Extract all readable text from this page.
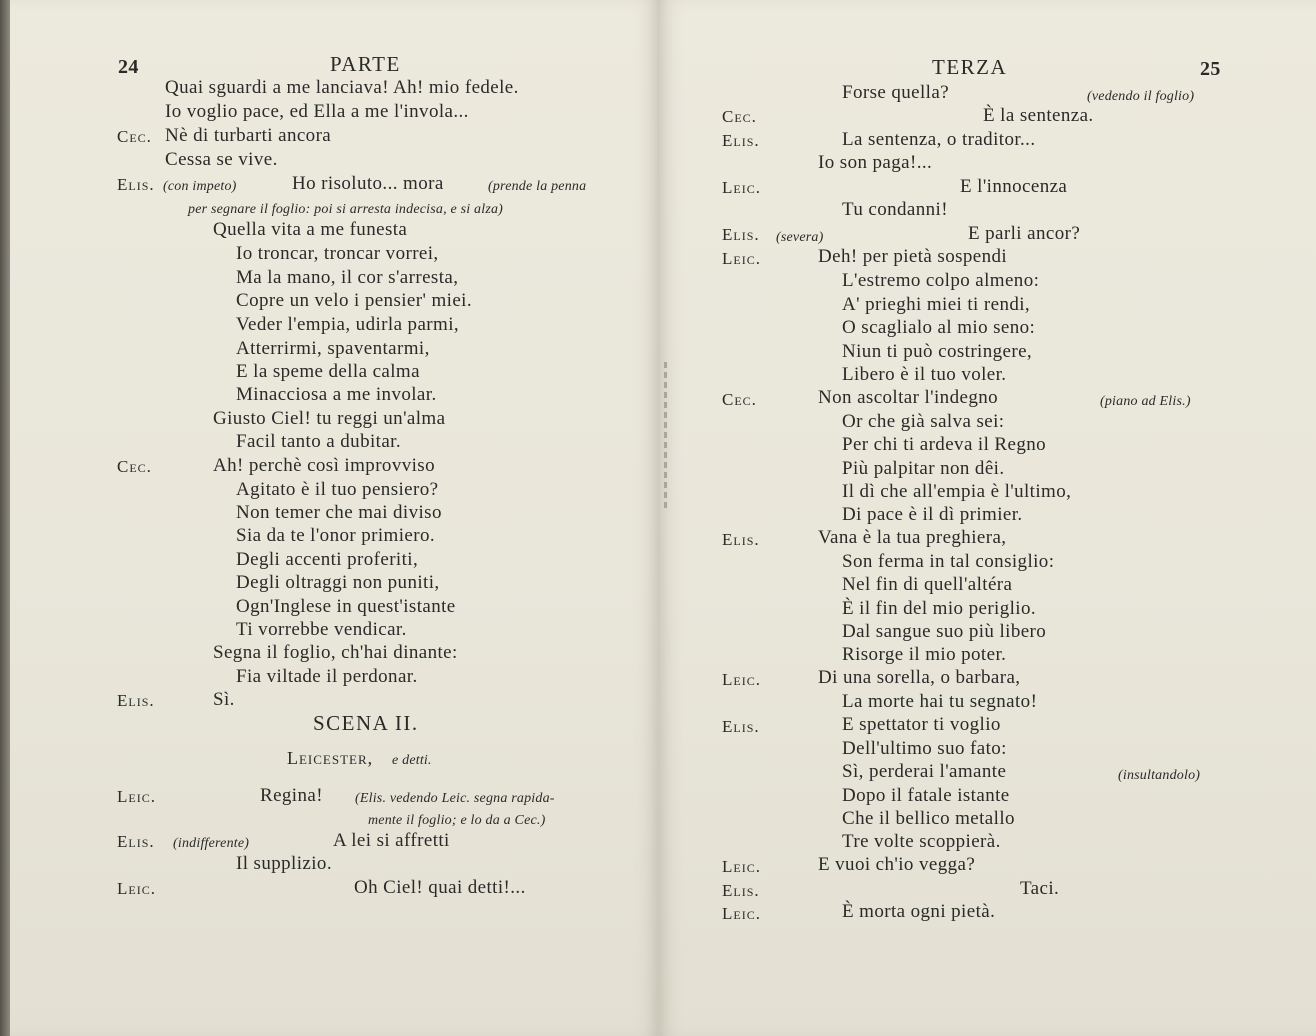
24	PARTE
Quai sguardi a me lanciava! Ah! mio fedele.
Io voglio pace, ed Ella a me l'invola...
Cec. Nè di turbarti ancora
Cessa se vive.
Elis. (con impeto)	Ho risoluto... mora	(prende la penna
per segnare il foglio: poi si arresta indecisa, e si alza)
Quella vita a me funesta
Io troncar, troncar vorrei,
Ma la mano, il cor s'arresta,
Copre un velo i pensier' miei.
Veder l'empia, udirla parmi,
Atterrirmi, spaventarmi,
E la speme della calma
Minacciosa a me involar.
Giusto Ciel! tu reggi un'alma
Facil tanto a dubitar.
Cec.	Ah! perchè così improvviso
Agitato è il tuo pensiero?
Non temer che mai diviso
Sia da te l'onor primiero.
Degli accenti proferiti,
Degli oltraggi non puniti,
Ogn'Inglese in quest'istante
Ti vorrebbe vendicar.
Segna il foglio, ch'hai dinante:
Fia viltade il perdonar.
Elis.	Sì.
SCENA II.
Leicester, e detti.
Leic.	Regina! (Elis. vedendo Leic. segna rapida-
mente il foglio; e lo da a Cec.)
Elis. (indifferente)	A lei si affretti
Il supplizio.
Leic.	Oh Ciel! quai detti!...
TERZA	25
Forse quella?	(vedendo il foglio)
Cec.	È la sentenza.
Elis.	La sentenza, o traditor...
Io son paga!...
Leic.	E l'innocenza
Tu condanni!
Elis. (severa)	E parli ancor?
Leic.	Deh! per pietà sospendi
L'estremo colpo almeno:
A' prieghi miei ti rendi,
O scaglialo al mio seno:
Niun ti può costringere,
Libero è il tuo voler.
Cec.	Non ascoltar l'indegno	(piano ad Elis.)
Or che già salva sei:
Per chi ti ardeva il Regno
Più palpitar non dêi.
Il dì che all'empia è l'ultimo,
Di pace è il dì primier.
Elis.	Vana è la tua preghiera,
Son ferma in tal consiglio:
Nel fin di quell'altéra
È il fin del mio periglio.
Dal sangue suo più libero
Risorge il mio poter.
Leic.	Di una sorella, o barbara,
La morte hai tu segnato!
Elis.	E spettator ti voglio
Dell'ultimo suo fato:
Sì, perderai l'amante	(insultandolo)
Dopo il fatale istante
Che il bellico metallo
Tre volte scoppierà.
Leic.	E vuoi ch'io vegga?
Elis.	Taci.
Leic.	È morta ogni pietà.
